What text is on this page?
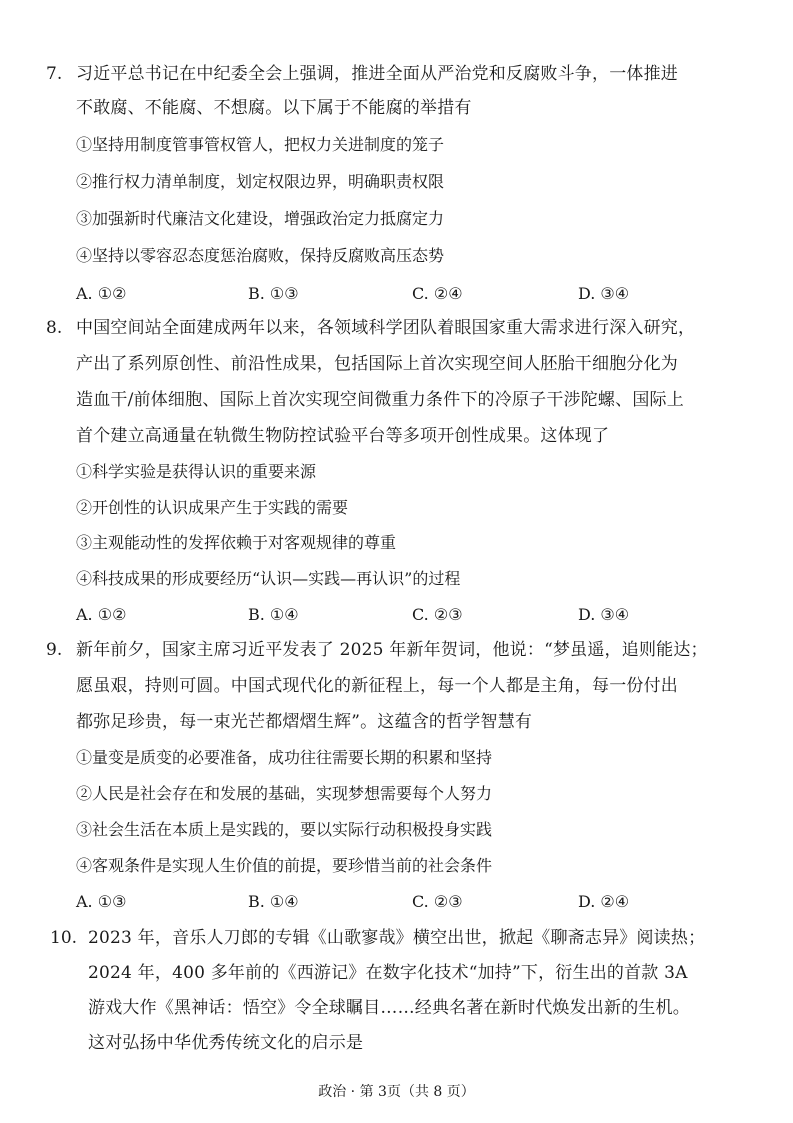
7. 习近平总书记在中纪委全会上强调，推进全面从严治党和反腐败斗争，一体推进
不敢腐、不能腐、不想腐。以下属于不能腐的举措有
①坚持用制度管事管权管人，把权力关进制度的笼子
②推行权力清单制度，划定权限边界，明确职责权限
③加强新时代廉洁文化建设，增强政治定力抵腐定力
④坚持以零容忍态度惩治腐败，保持反腐败高压态势
A. ①②	B. ①③	C. ②④	D. ③④
8. 中国空间站全面建成两年以来，各领域科学团队着眼国家重大需求进行深入研究，
产出了系列原创性、前沿性成果，包括国际上首次实现空间人胚胎干细胞分化为
造血干/前体细胞、国际上首次实现空间微重力条件下的冷原子干涉陀螺、国际上
首个建立高通量在轨微生物防控试验平台等多项开创性成果。这体现了
①科学实验是获得认识的重要来源
②开创性的认识成果产生于实践的需要
③主观能动性的发挥依赖于对客观规律的尊重
④科技成果的形成要经历“认识—实践—再认识”的过程
A. ①②	B. ①④	C. ②③	D. ③④
9. 新年前夕，国家主席习近平发表了 2025 年新年贺词，他说：“梦虽遥，追则能达；
愿虽艰，持则可圆。中国式现代化的新征程上，每一个人都是主角，每一份付出
都弥足珍贵，每一束光芒都熠熠生辉”。这蕴含的哲学智慧有
①量变是质变的必要准备，成功往往需要长期的积累和坚持
②人民是社会存在和发展的基础，实现梦想需要每个人努力
③社会生活在本质上是实践的，要以实际行动积极投身实践
④客观条件是实现人生价值的前提，要珍惜当前的社会条件
A. ①③	B. ①④	C. ②③	D. ②④
10. 2023 年，音乐人刀郎的专辑《山歌寥哉》横空出世，掀起《聊斋志异》阅读热；
2024 年，400 多年前的《西游记》在数字化技术“加持”下，衍生出的首款 3A
游戏大作《黑神话：悟空》令全球瞩目……经典名著在新时代焕发出新的生机。
这对弘扬中华优秀传统文化的启示是
政治 · 第 3页（共 8 页）
